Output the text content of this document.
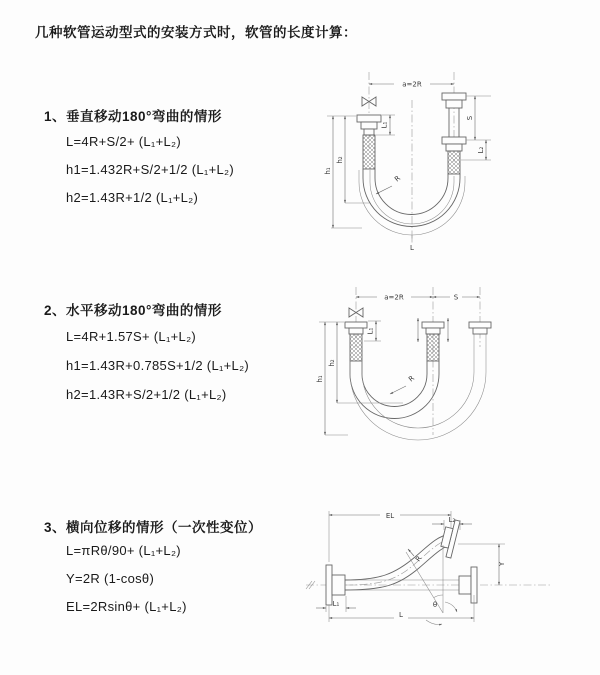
几种软管运动型式的安装方式时，软管的长度计算：
1、垂直移动180°弯曲的情形
L=4R+S/2+ (L₁+L₂)
h1=1.432R+S/2+1/2 (L₁+L₂)
h2=1.43R+1/2 (L₁+L₂)
2、水平移动180°弯曲的情形
L=4R+1.57S+ (L₁+L₂)
h1=1.43R+0.785S+1/2 (L₁+L₂)
h2=1.43R+S/2+1/2 (L₁+L₂)
3、横向位移的情形（一次性变位）
L=πRθ/90+ (L₁+L₂)
Y=2R (1-cosθ)
EL=2Rsinθ+ (L₁+L₂)
a=2R
S
L₂
h₁
h₂
L₁
R
L
a=2R	S
h₁
h₂
L₁
R
EL	L₂
Y
R
θ
L
L₁
